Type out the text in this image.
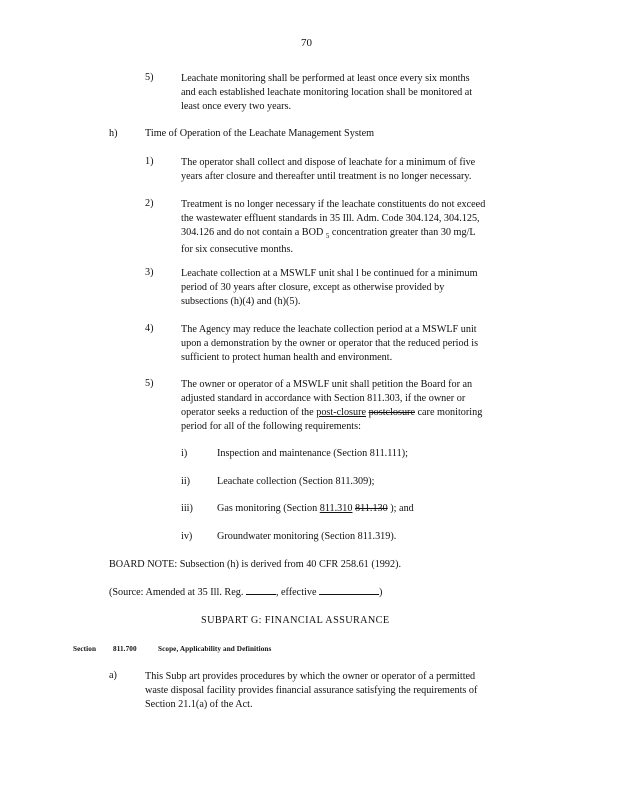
70
5)	Leachate monitoring shall be performed at least once every six months
and each established leachate monitoring location shall be monitored at
least once every two years.
h)	Time of Operation of the Leachate Management System
1)	The operator shall collect and dispose of leachate for a minimum of five
years after closure and thereafter until treatment is no longer necessary.
2)	Treatment is no longer necessary if the leachate constituents do not exceed
the wastewater effluent standards in 35 Ill. Adm. Code 304.124, 304.125,
304.126 and do not contain a BOD $_5$ concentration greater than 30 mg/L
for six consecutive months.
3)	Leachate collection at a MSWLF unit shal l be continued for a minimum
period of 30 years after closure, except as otherwise provided by
subsections (h)(4) and (h)(5).
4)	The Agency may reduce the leachate collection period at a MSWLF unit
upon a demonstration by the owner or operator that the reduced period is
sufficient to protect human health and environment.
5)	The owner or operator of a MSWLF unit shall petition the Board for an
adjusted standard in accordance with Section 811.303, if the owner or
operator seeks a reduction of the post-closure postclosure care monitoring
period for all of the following requirements:
i)	Inspection and maintenance (Section 811.111);
ii)	Leachate collection (Section 811.309);
iii) Gas monitoring (Section 811.310 811.130 ); and
iv) Groundwater monitoring (Section 811.319).
BOARD NOTE: Subsection (h) is derived from 40 CFR 258.61 (1992).
(Source: Amended at 35 Ill. Reg.	, effective	)
SUBPART G: FINANCIAL ASSURANCE
Section 811.700	Scope, Applicability and Definitions
a)	This Subp art provides procedures by which the owner or operator of a permitted
waste disposal facility provides financial assurance satisfying the requirements of
Section 21.1(a) of the Act.
